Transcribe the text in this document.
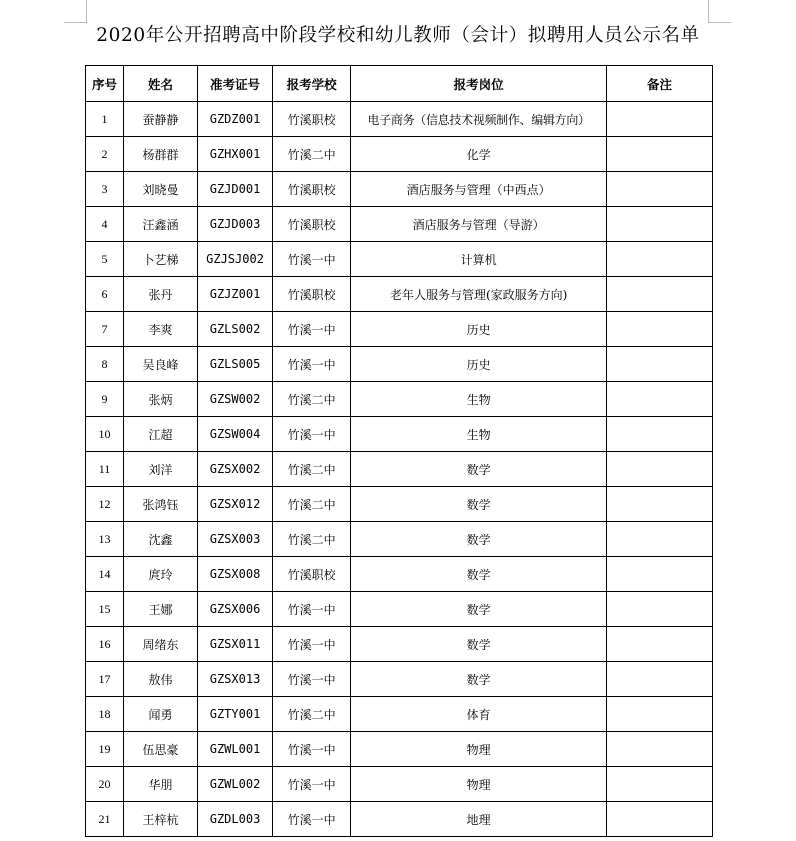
2020年公开招聘高中阶段学校和幼儿教师（会计）拟聘用人员公示名单
序号	姓名	准考证号	报考学校	报考岗位	备注
1	蚕静静	GZDZ001	竹溪职校	电子商务（信息技术视频制作、编辑方向）	
2	杨群群	GZHX001	竹溪二中	化学	
3	刘晓曼	GZJD001	竹溪职校	酒店服务与管理（中西点）	
4	汪鑫涵	GZJD003	竹溪职校	酒店服务与管理（导游）	
5	卜艺梯	GZJSJ002	竹溪一中	计算机	
6	张丹	GZJZ001	竹溪职校	老年人服务与管理(家政服务方向)	
7	李爽	GZLS002	竹溪一中	历史	
8	吴良峰	GZLS005	竹溪一中	历史	
9	张炳	GZSW002	竹溪二中	生物	
10	江超	GZSW004	竹溪一中	生物	
11	刘洋	GZSX002	竹溪二中	数学	
12	张鸿钰	GZSX012	竹溪二中	数学	
13	沈鑫	GZSX003	竹溪二中	数学	
14	庹玲	GZSX008	竹溪职校	数学	
15	王娜	GZSX006	竹溪一中	数学	
16	周绪东	GZSX011	竹溪一中	数学	
17	敖伟	GZSX013	竹溪一中	数学	
18	闻勇	GZTY001	竹溪二中	体育	
19	伍思豪	GZWL001	竹溪一中	物理	
20	华朋	GZWL002	竹溪一中	物理	
21	王梓杭	GZDL003	竹溪一中	地理	
